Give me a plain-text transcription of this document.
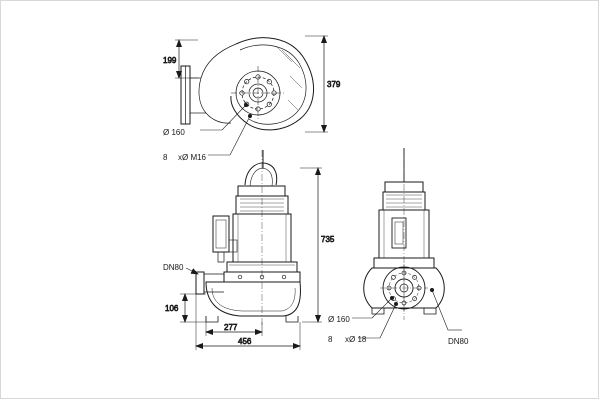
199
379
735
106
277
456
Ø 160
8 xØ M16
DN80
Ø 160
8 xØ 18	DN80
